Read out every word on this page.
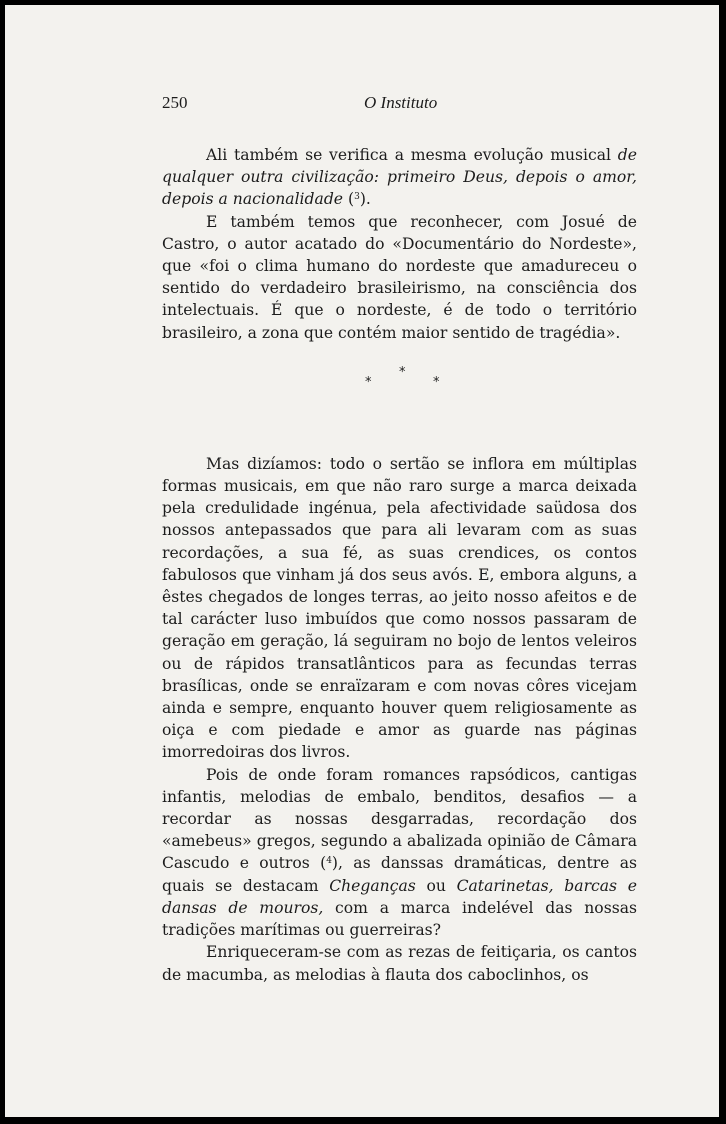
250	O Instituto

Ali também se verifica a mesma evolução musical de qualquer outra civilização: primeiro Deus, depois o amor, depois a nacionalidade ($^3$).

E também temos que reconhecer, com Josué de Castro, o autor acatado do «Documentário do Nordeste», que «foi o clima humano do nordeste que amadureceu o sentido do verdadeiro brasileirismo, na consciência dos intelectuais. É que o nordeste, é de todo o território brasileiro, a zona que contém maior sentido de tragédia».

*
*	*

Mas dizíamos: todo o sertão se inflora em múltiplas formas musicais, em que não raro surge a marca deixada pela credulidade ingénua, pela afectividade saüdosa dos nossos antepassados que para ali levaram com as suas recordações, a sua fé, as suas crendices, os contos fabulosos que vinham já dos seus avós. E, embora alguns, a êstes chegados de longes terras, ao jeito nosso afeitos e de tal carácter luso imbuídos que como nossos passaram de geração em geração, lá seguiram no bojo de lentos veleiros ou de rápidos transatlânticos para as fecundas terras brasílicas, onde se enraïzaram e com novas côres vicejam ainda e sempre, enquanto houver quem religiosamente as oiça e com piedade e amor as guarde nas páginas imorredoiras dos livros.

Pois de onde foram romances rapsódicos, cantigas infantis, melodias de embalo, benditos, desafios — a recordar as nossas desgarradas, recordação dos «amebeus» gregos, segundo a abalizada opinião de Câmara Cascudo e outros ($^4$), as danssas dramáticas, dentre as quais se destacam Cheganças ou Catarinetas, barcas e dansas de mouros, com a marca indelével das nossas tradições marítimas ou guerreiras?

Enriqueceram-se com as rezas de feitiçaria, os cantos de macumba, as melodias à flauta dos caboclinhos, os
